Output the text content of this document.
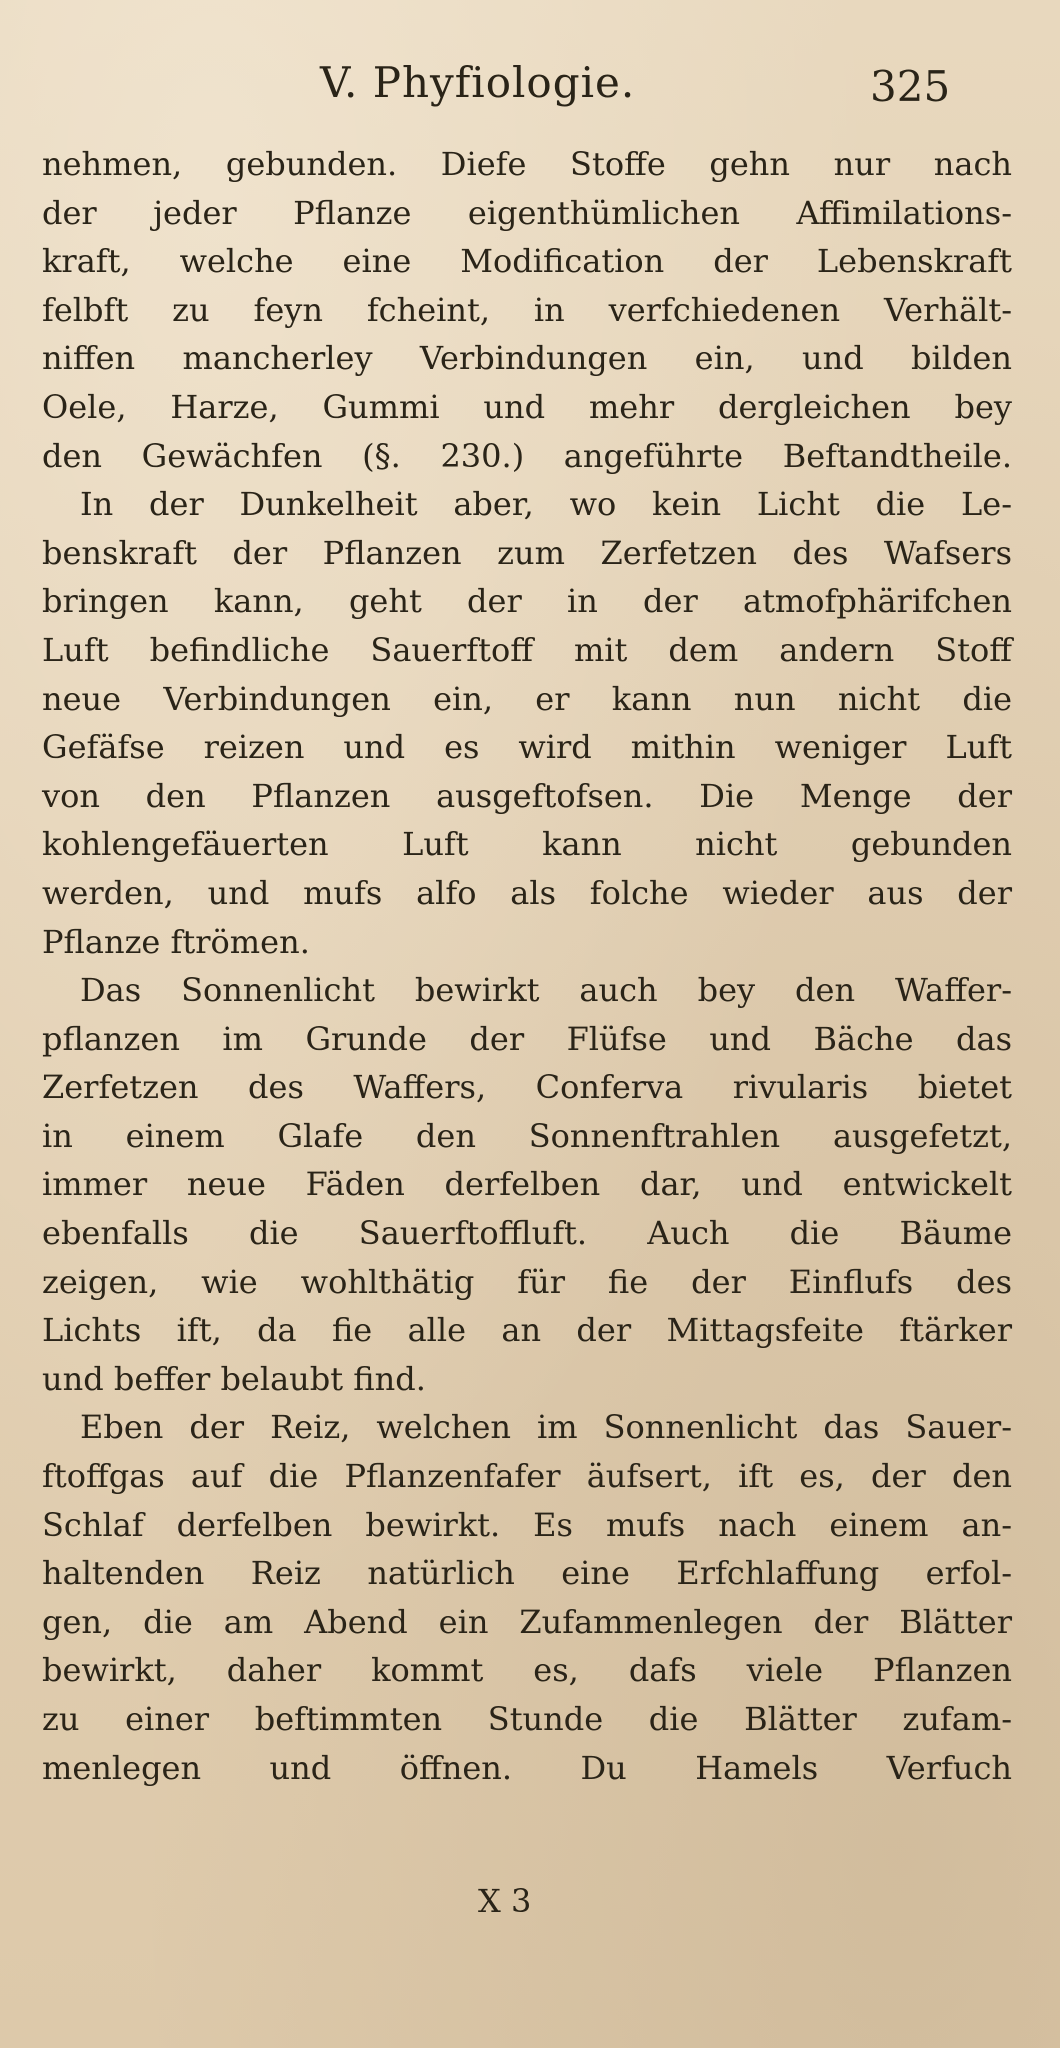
V. Phyfiologie.	325
nehmen, gebunden. Diefe Stoffe gehn nur nach
der jeder Pflanze eigenthümlichen Affimilations-
kraft, welche eine Modification der Lebenskraft
felbft zu feyn fcheint, in verfchiedenen Verhält-
niffen mancherley Verbindungen ein, und bilden
Oele, Harze, Gummi und mehr dergleichen bey
den Gewächfen (§. 230.) angeführte Beftandtheile.
In der Dunkelheit aber, wo kein Licht die Le-
benskraft der Pflanzen zum Zerfetzen des Wafsers
bringen kann, geht der in der atmofphärifchen
Luft befindliche Sauerftoff mit dem andern Stoff
neue Verbindungen ein, er kann nun nicht die
Gefäfse reizen und es wird mithin weniger Luft
von den Pflanzen ausgeftofsen. Die Menge der
kohlengefäuerten Luft kann nicht gebunden
werden, und mufs alfo als folche wieder aus der
Pflanze ftrömen.
Das Sonnenlicht bewirkt auch bey den Waffer-
pflanzen im Grunde der Flüfse und Bäche das
Zerfetzen des Waffers, Conferva rivularis bietet
in einem Glafe den Sonnenftrahlen ausgefetzt,
immer neue Fäden derfelben dar, und entwickelt
ebenfalls die Sauerftoffluft. Auch die Bäume
zeigen, wie wohlthätig für fie der Einflufs des
Lichts ift, da fie alle an der Mittagsfeite ftärker
und beffer belaubt find.
Eben der Reiz, welchen im Sonnenlicht das Sauer-
ftoffgas auf die Pflanzenfafer äufsert, ift es, der den
Schlaf derfelben bewirkt. Es mufs nach einem an-
haltenden Reiz natürlich eine Erfchlaffung erfol-
gen, die am Abend ein Zufammenlegen der Blätter
bewirkt, daher kommt es, dafs viele Pflanzen
zu einer beftimmten Stunde die Blätter zufam-
menlegen und öffnen. Du Hamels Verfuch
X 3
